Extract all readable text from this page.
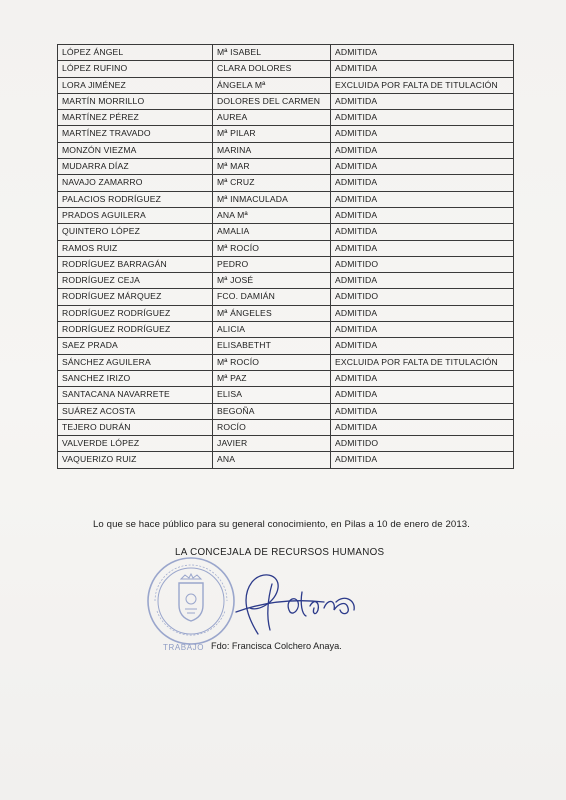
LÓPEZ ÁNGEL	Mª ISABEL	ADMITIDA
LÓPEZ RUFINO	CLARA DOLORES	ADMITIDA
LORA JIMÉNEZ	ÁNGELA Mª	EXCLUIDA POR FALTA DE TITULACIÓN
MARTÍN MORRILLO	DOLORES DEL CARMEN	ADMITIDA
MARTÍNEZ PÉREZ	AUREA	ADMITIDA
MARTÍNEZ TRAVADO	Mª PILAR	ADMITIDA
MONZÓN VIEZMA	MARINA	ADMITIDA
MUDARRA DÍAZ	Mª MAR	ADMITIDA
NAVAJO ZAMARRO	Mª CRUZ	ADMITIDA
PALACIOS RODRÍGUEZ	Mª INMACULADA	ADMITIDA
PRADOS AGUILERA	ANA Mª	ADMITIDA
QUINTERO LÓPEZ	AMALIA	ADMITIDA
RAMOS RUIZ	Mª ROCÍO	ADMITIDA
RODRÍGUEZ BARRAGÁN	PEDRO	ADMITIDO
RODRÍGUEZ CEJA	Mª JOSÉ	ADMITIDA
RODRÍGUEZ MÁRQUEZ	FCO. DAMIÁN	ADMITIDO
RODRÍGUEZ RODRÍGUEZ	Mª ÁNGELES	ADMITIDA
RODRÍGUEZ RODRÍGUEZ	ALICIA	ADMITIDA
SAEZ PRADA	ELISABETHT	ADMITIDA
SÁNCHEZ AGUILERA	Mª ROCÍO	EXCLUIDA POR FALTA DE TITULACIÓN
SANCHEZ IRIZO	Mª PAZ	ADMITIDA
SANTACANA NAVARRETE	ELISA	ADMITIDA
SUÁREZ ACOSTA	BEGOÑA	ADMITIDA
TEJERO DURÁN	ROCÍO	ADMITIDA
VALVERDE LÓPEZ	JAVIER	ADMITIDO
VAQUERIZO RUIZ	ANA	ADMITIDA
Lo que se hace público para su general conocimiento, en Pilas a 10 de enero de 2013.
LA CONCEJALA DE RECURSOS HUMANOS
TRABAJO Fdo: Francisca Colchero Anaya.
